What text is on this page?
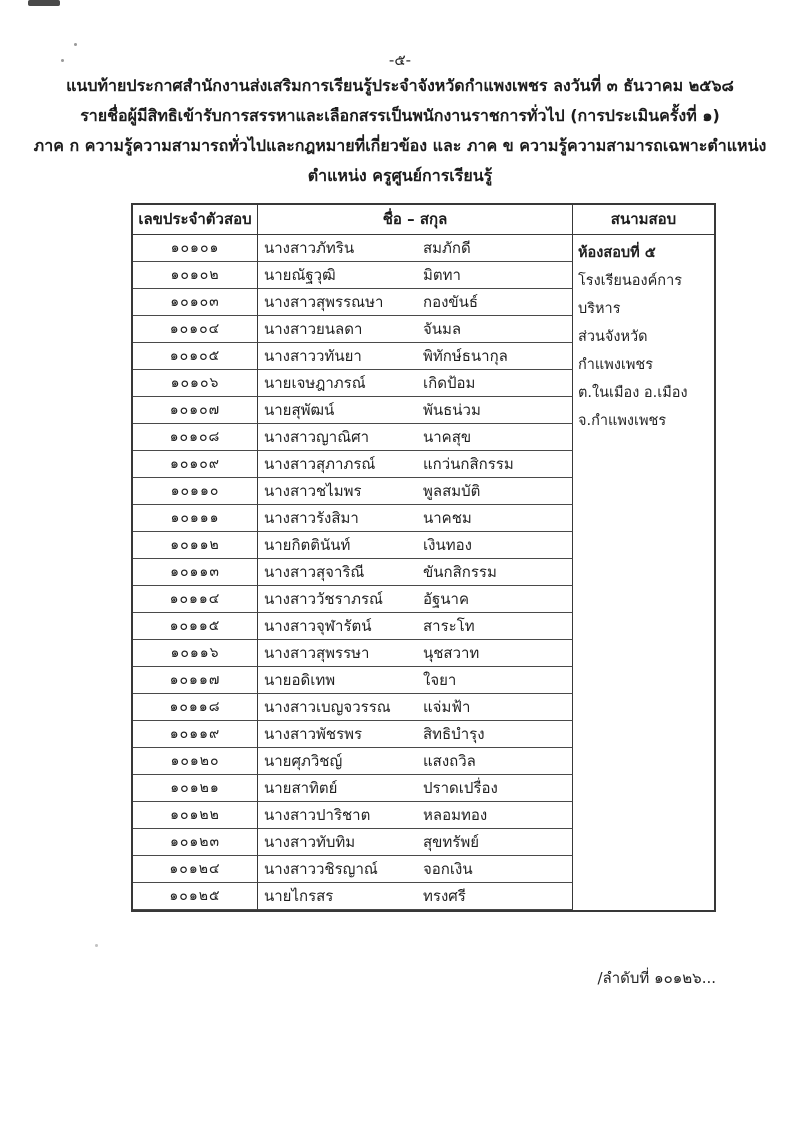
-๕-
แนบท้ายประกาศสำนักงานส่งเสริมการเรียนรู้ประจำจังหวัดกำแพงเพชร ลงวันที่ ๓ ธันวาคม ๒๕๖๘
รายชื่อผู้มีสิทธิเข้ารับการสรรหาและเลือกสรรเป็นพนักงานราชการทั่วไป (การประเมินครั้งที่ ๑)
ภาค ก ความรู้ความสามารถทั่วไปและกฎหมายที่เกี่ยวข้อง และ ภาค ข ความรู้ความสามารถเฉพาะตำแหน่ง
ตำแหน่ง ครูศูนย์การเรียนรู้
เลขประจำตัวสอบ	ชื่อ – สกุล	สนามสอบ
ห้องสอบที่ ๕
โรงเรียนองค์การบริหาร
ส่วนจังหวัดกำแพงเพชร
ต.ในเมือง อ.เมือง
จ.กำแพงเพชร
๑๐๑๐๑	นางสาวภัทริน	สมภักดี
๑๐๑๐๒	นายณัฐวุฒิ	มิตทา
๑๐๑๐๓	นางสาวสุพรรณษา	กองขันธ์
๑๐๑๐๔	นางสาวยนลดา	จันมล
๑๐๑๐๕	นางสาววทันยา	พิทักษ์ธนากุล
๑๐๑๐๖	นายเจษฎาภรณ์	เกิดป้อม
๑๐๑๐๗	นายสุพัฒน์	พันธน่วม
๑๐๑๐๘	นางสาวญาณิศา	นาคสุข
๑๐๑๐๙	นางสาวสุภาภรณ์	แกว่นกสิกรรม
๑๐๑๑๐	นางสาวชไมพร	พูลสมบัติ
๑๐๑๑๑	นางสาวรังสิมา	นาคชม
๑๐๑๑๒	นายกิตตินันท์	เงินทอง
๑๐๑๑๓	นางสาวสุจาริณี	ขันกสิกรรม
๑๐๑๑๔	นางสาววัชราภรณ์	อัฐนาค
๑๐๑๑๕	นางสาวจุฬารัตน์	สาระโท
๑๐๑๑๖	นางสาวสุพรรษา	นุชสวาท
๑๐๑๑๗	นายอดิเทพ	ใจยา
๑๐๑๑๘	นางสาวเบญจวรรณ	แจ่มฟ้า
๑๐๑๑๙	นางสาวพัชรพร	สิทธิบำรุง
๑๐๑๒๐	นายศุภวิชญ์	แสงถวิล
๑๐๑๒๑	นายสาทิตย์	ปราดเปรื่อง
๑๐๑๒๒	นางสาวปาริชาต	หลอมทอง
๑๐๑๒๓	นางสาวทับทิม	สุขทรัพย์
๑๐๑๒๔	นางสาววชิรญาณ์	จอกเงิน
๑๐๑๒๕	นายไกรสร	ทรงศรี
/ลำดับที่ ๑๐๑๒๖...
